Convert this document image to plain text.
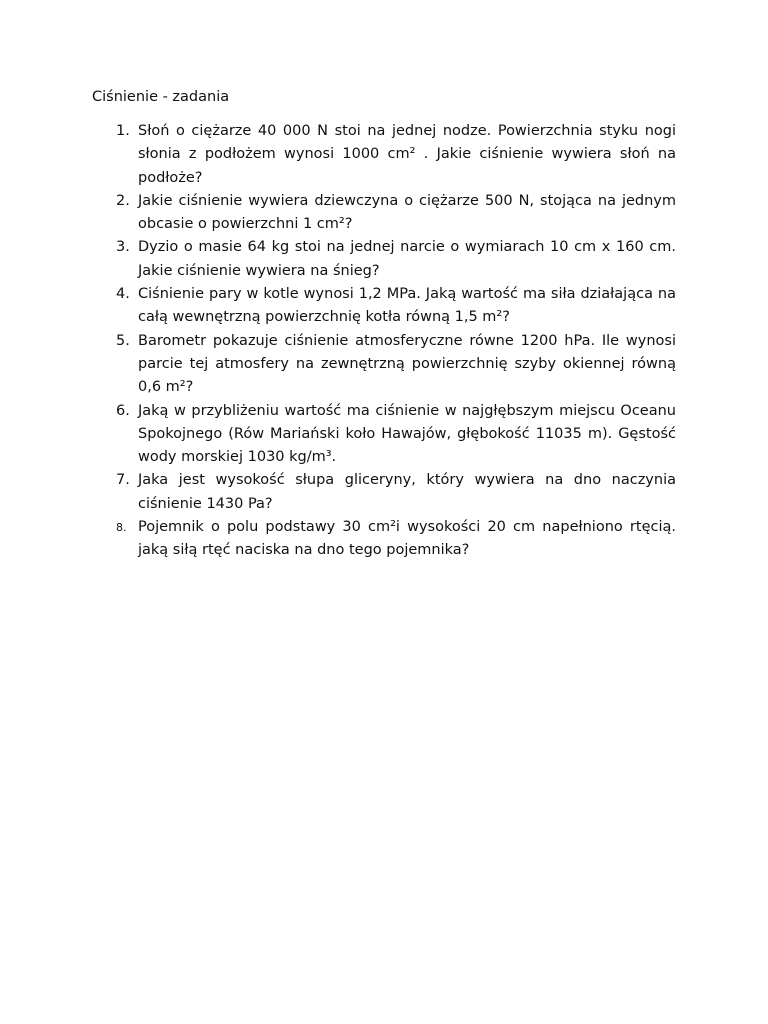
Ciśnienie - zadania
1. Słoń o ciężarze 40 000 N stoi na jednej nodze. Powierzchnia styku nogi słonia z podłożem wynosi 1000 cm² . Jakie ciśnienie wywiera słoń na podłoże?
2. Jakie ciśnienie wywiera dziewczyna o ciężarze 500 N, stojąca na jednym obcasie o powierzchni 1 cm²?
3. Dyzio o masie 64 kg stoi na jednej narcie o wymiarach 10 cm x 160 cm. Jakie ciśnienie wywiera na śnieg?
4. Ciśnienie pary w kotle wynosi 1,2 MPa. Jaką wartość ma siła działająca na całą wewnętrzną powierzchnię kotła równą 1,5 m²?
5. Barometr pokazuje ciśnienie atmosferyczne równe 1200 hPa. Ile wynosi parcie tej atmosfery na zewnętrzną powierzchnię szyby okiennej równą 0,6 m²?
6. Jaką w przybliżeniu wartość ma ciśnienie w najgłębszym miejscu Oceanu Spokojnego (Rów Mariański koło Hawajów, głębokość 11035 m). Gęstość wody morskiej 1030 kg/m³.
7. Jaka jest wysokość słupa gliceryny, który wywiera na dno naczynia ciśnienie 1430 Pa?
8. Pojemnik o polu podstawy 30 cm²i wysokości 20 cm napełniono rtęcią. jaką siłą rtęć naciska na dno tego pojemnika?
